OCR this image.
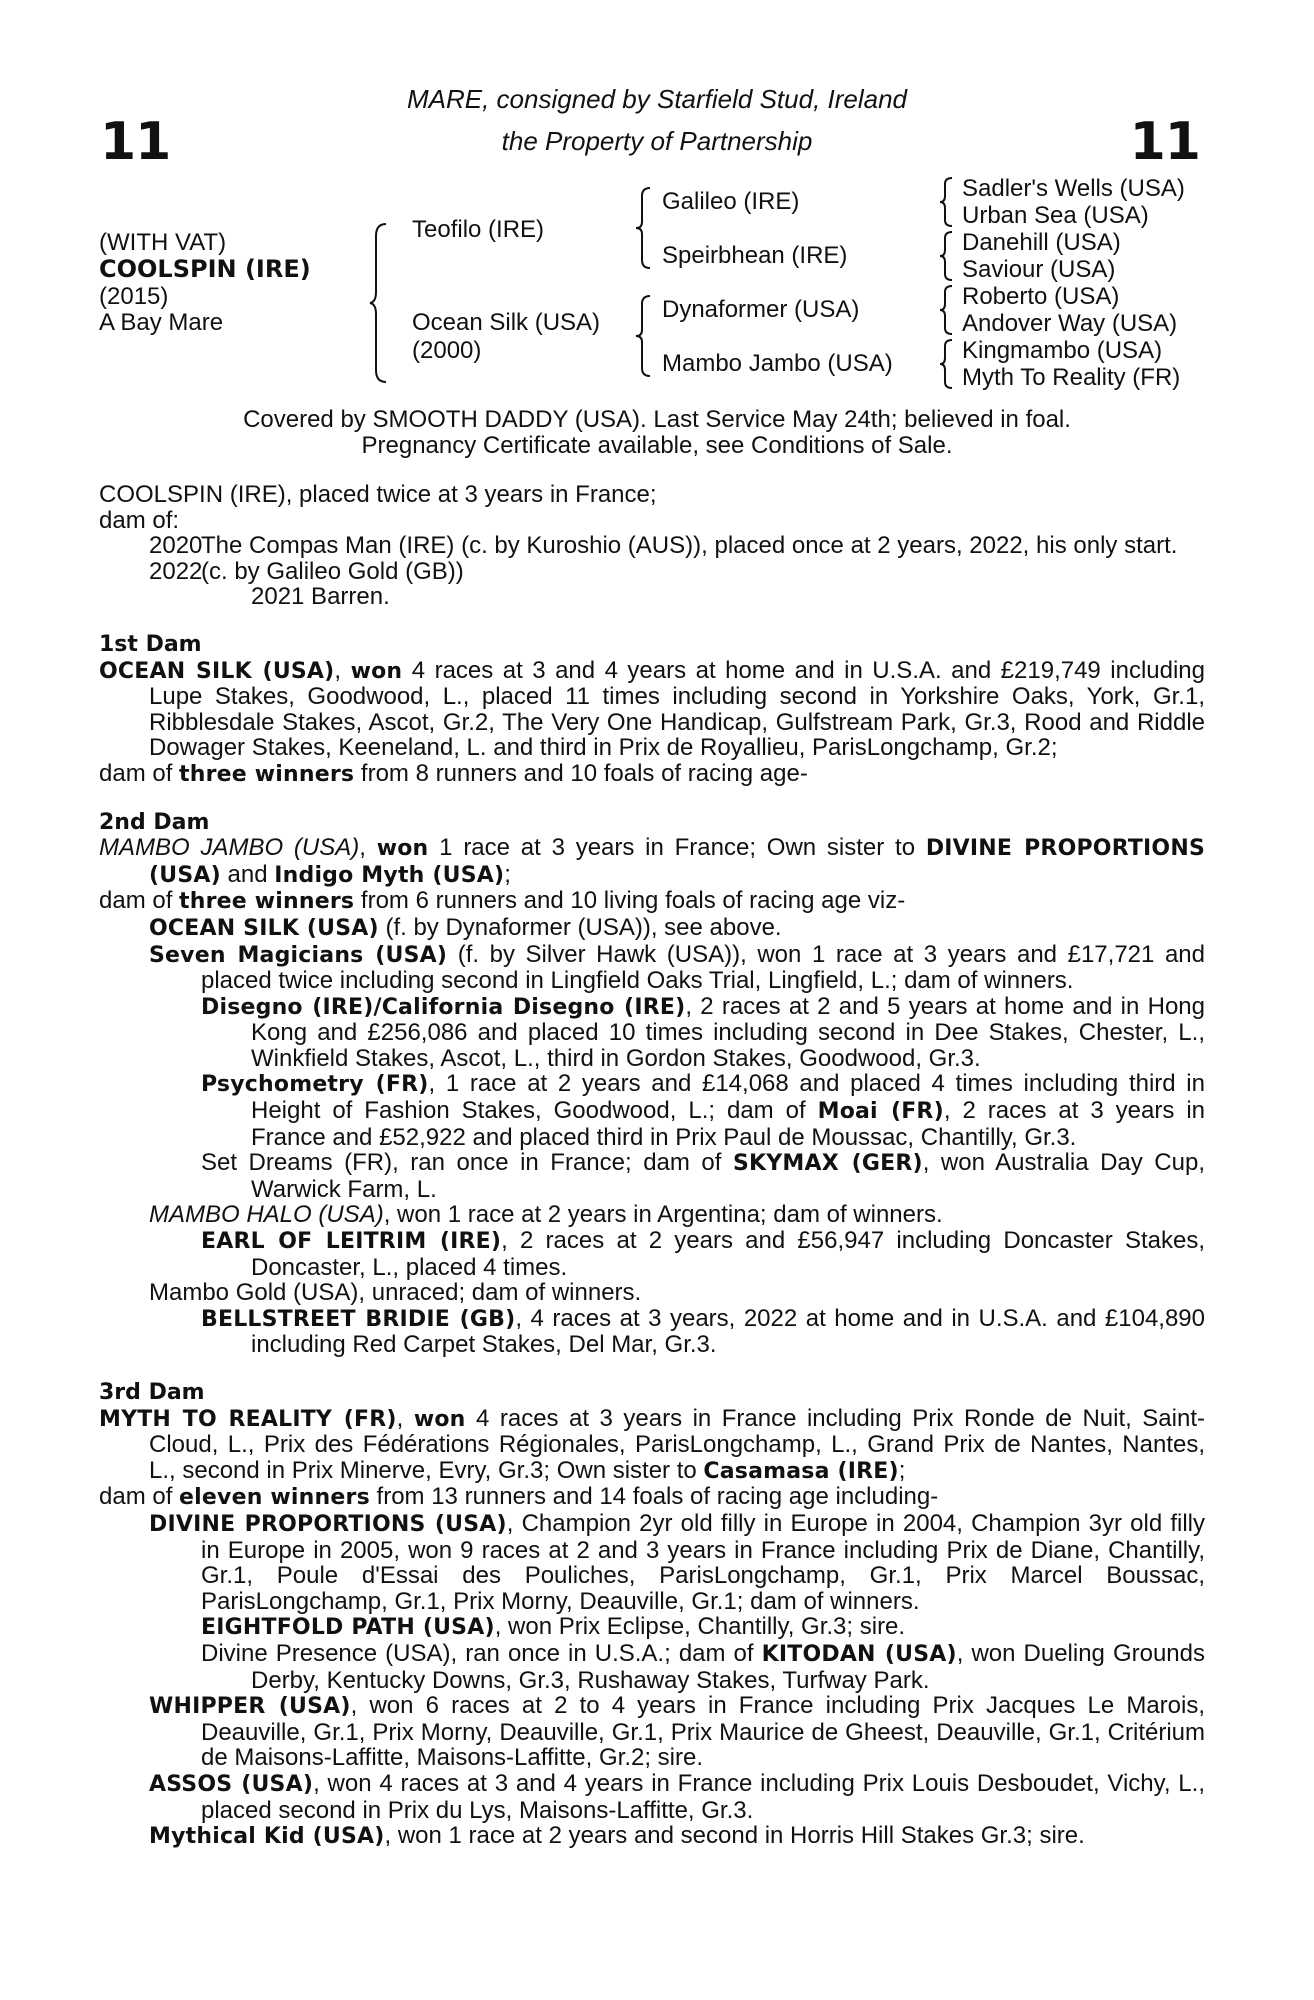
11	11
MARE, consigned by Starfield Stud, Ireland
the Property of Partnership
(WITH VAT)
COOLSPIN (IRE)
(2015)
A Bay Mare
Teofilo (IRE)
Ocean Silk (USA)
(2000)
Galileo (IRE)
Speirbhean (IRE)
Dynaformer (USA)
Mambo Jambo (USA)
Sadler's Wells (USA)
Urban Sea (USA)
Danehill (USA)
Saviour (USA)
Roberto (USA)
Andover Way (USA)
Kingmambo (USA)
Myth To Reality (FR)
Covered by SMOOTH DADDY (USA). Last Service May 24th; believed in foal.
Pregnancy Certificate available, see Conditions of Sale.

COOLSPIN (IRE), placed twice at 3 years in France;

dam of:

2020
The Compas Man (IRE) (c. by Kuroshio (AUS)), placed once at 2 years, 2022, his only start.
2022
(c. by Galileo Gold (GB))
2021 Barren.
1st Dam

OCEAN SILK (USA), won 4 races at 3 and 4 years at home and in U.S.A. and £219,749 including Lupe Stakes, Goodwood, L., placed 11 times including second in Yorkshire Oaks, York, Gr.1, Ribblesdale Stakes, Ascot, Gr.2, The Very One Handicap, Gulfstream Park, Gr.3, Rood and Riddle Dowager Stakes, Keeneland, L. and third in Prix de Royallieu, ParisLongchamp, Gr.2;

dam of three winners from 8 runners and 10 foals of racing age-

2nd Dam

MAMBO JAMBO (USA), won 1 race at 3 years in France; Own sister to DIVINE PROPORTIONS (USA) and Indigo Myth (USA);

dam of three winners from 6 runners and 10 living foals of racing age viz-

OCEAN SILK (USA) (f. by Dynaformer (USA)), see above.

Seven Magicians (USA) (f. by Silver Hawk (USA)), won 1 race at 3 years and £17,721 and placed twice including second in Lingfield Oaks Trial, Lingfield, L.; dam of winners.

Disegno (IRE)/California Disegno (IRE), 2 races at 2 and 5 years at home and in Hong Kong and £256,086 and placed 10 times including second in Dee Stakes, Chester, L., Winkfield Stakes, Ascot, L., third in Gordon Stakes, Goodwood, Gr.3.

Psychometry (FR), 1 race at 2 years and £14,068 and placed 4 times including third in Height of Fashion Stakes, Goodwood, L.; dam of Moai (FR), 2 races at 3 years in France and £52,922 and placed third in Prix Paul de Moussac, Chantilly, Gr.3.

Set Dreams (FR), ran once in France; dam of SKYMAX (GER), won Australia Day Cup, Warwick Farm, L.

MAMBO HALO (USA), won 1 race at 2 years in Argentina; dam of winners.

EARL OF LEITRIM (IRE), 2 races at 2 years and £56,947 including Doncaster Stakes, Doncaster, L., placed 4 times.

Mambo Gold (USA), unraced; dam of winners.

BELLSTREET BRIDIE (GB), 4 races at 3 years, 2022 at home and in U.S.A. and £104,890 including Red Carpet Stakes, Del Mar, Gr.3.

3rd Dam

MYTH TO REALITY (FR), won 4 races at 3 years in France including Prix Ronde de Nuit, Saint-Cloud, L., Prix des Fédérations Régionales, ParisLongchamp, L., Grand Prix de Nantes, Nantes, L., second in Prix Minerve, Evry, Gr.3; Own sister to Casamasa (IRE);

dam of eleven winners from 13 runners and 14 foals of racing age including-

DIVINE PROPORTIONS (USA), Champion 2yr old filly in Europe in 2004, Champion 3yr old filly in Europe in 2005, won 9 races at 2 and 3 years in France including Prix de Diane, Chantilly, Gr.1, Poule d'Essai des Pouliches, ParisLongchamp, Gr.1, Prix Marcel Boussac, ParisLongchamp, Gr.1, Prix Morny, Deauville, Gr.1; dam of winners.

EIGHTFOLD PATH (USA), won Prix Eclipse, Chantilly, Gr.3; sire.

Divine Presence (USA), ran once in U.S.A.; dam of KITODAN (USA), won Dueling Grounds Derby, Kentucky Downs, Gr.3, Rushaway Stakes, Turfway Park.

WHIPPER (USA), won 6 races at 2 to 4 years in France including Prix Jacques Le Marois, Deauville, Gr.1, Prix Morny, Deauville, Gr.1, Prix Maurice de Gheest, Deauville, Gr.1, Critérium de Maisons-Laffitte, Maisons-Laffitte, Gr.2; sire.

ASSOS (USA), won 4 races at 3 and 4 years in France including Prix Louis Desboudet, Vichy, L., placed second in Prix du Lys, Maisons-Laffitte, Gr.3.

Mythical Kid (USA), won 1 race at 2 years and second in Horris Hill Stakes Gr.3; sire.
